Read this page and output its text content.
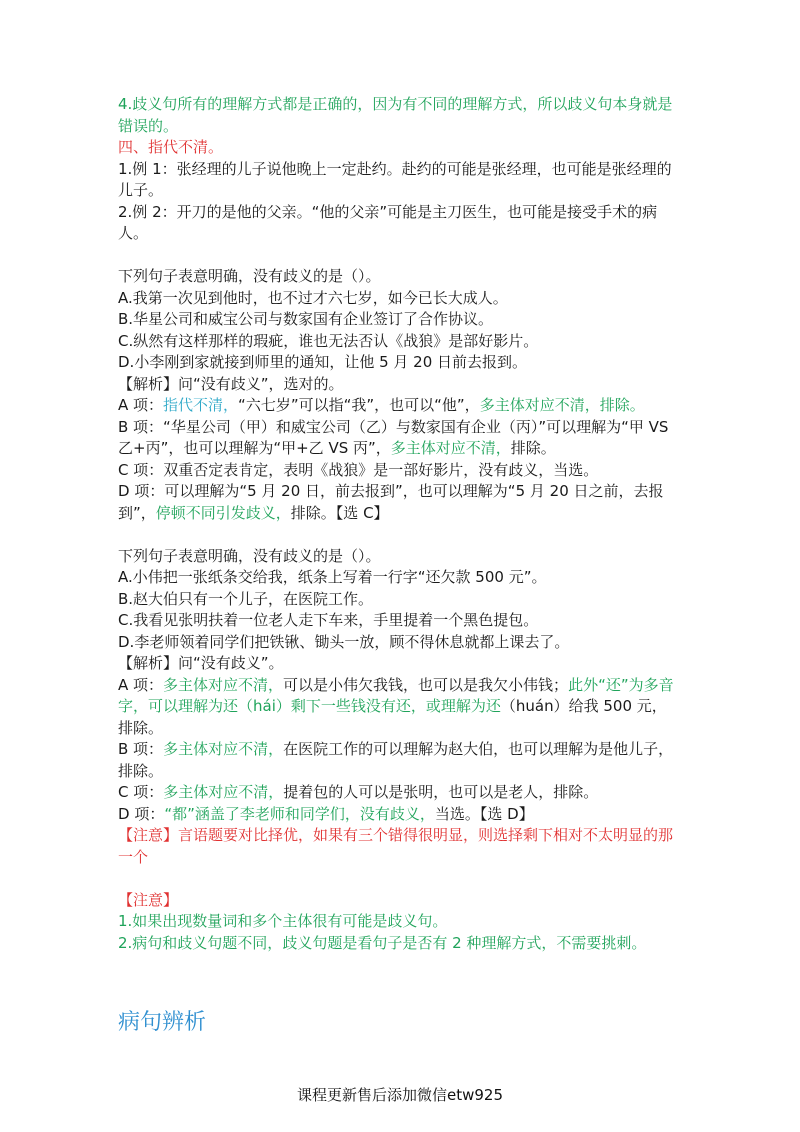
4.歧义句所有的理解方式都是正确的，因为有不同的理解方式，所以歧义句本身就是错误的。

四、指代不清。

1.例 1：张经理的儿子说他晚上一定赴约。赴约的可能是张经理，也可能是张经理的儿子。

2.例 2：开刀的是他的父亲。“他的父亲”可能是主刀医生，也可能是接受手术的病人。

下列句子表意明确，没有歧义的是（）。

A.我第一次见到他时，也不过才六七岁，如今已长大成人。

B.华星公司和威宝公司与数家国有企业签订了合作协议。

C.纵然有这样那样的瑕疵，谁也无法否认《战狼》是部好影片。

D.小李刚到家就接到师里的通知，让他 5 月 20 日前去报到。

【解析】问“没有歧义”，选对的。

A 项：指代不清，“六七岁”可以指“我”，也可以“他”，多主体对应不清，排除。

B 项：“华星公司（甲）和威宝公司（乙）与数家国有企业（丙）”可以理解为“甲 VS 乙+丙”，也可以理解为“甲+乙 VS 丙”，多主体对应不清，排除。

C 项：双重否定表肯定，表明《战狼》是一部好影片，没有歧义，当选。

D 项：可以理解为“5 月 20 日，前去报到”，也可以理解为“5 月 20 日之前，去报到”，停顿不同引发歧义，排除。【选 C】

下列句子表意明确，没有歧义的是（）。

A.小伟把一张纸条交给我，纸条上写着一行字“还欠款 500 元”。

B.赵大伯只有一个儿子，在医院工作。

C.我看见张明扶着一位老人走下车来，手里提着一个黑色提包。

D.李老师领着同学们把铁锹、锄头一放，顾不得休息就都上课去了。

【解析】问“没有歧义”。

A 项：多主体对应不清，可以是小伟欠我钱，也可以是我欠小伟钱；此外“还”为多音字，可以理解为还（hái）剩下一些钱没有还，或理解为还（huán）给我 500 元，排除。

B 项：多主体对应不清，在医院工作的可以理解为赵大伯，也可以理解为是他儿子，排除。

C 项：多主体对应不清，提着包的人可以是张明，也可以是老人，排除。

D 项：“都”涵盖了李老师和同学们，没有歧义，当选。【选 D】

【注意】言语题要对比择优，如果有三个错得很明显，则选择剩下相对不太明显的那一个

【注意】

1.如果出现数量词和多个主体很有可能是歧义句。

2.病句和歧义句题不同，歧义句题是看句子是否有 2 种理解方式，不需要挑刺。

病句辨析
课程更新售后添加微信etw925
